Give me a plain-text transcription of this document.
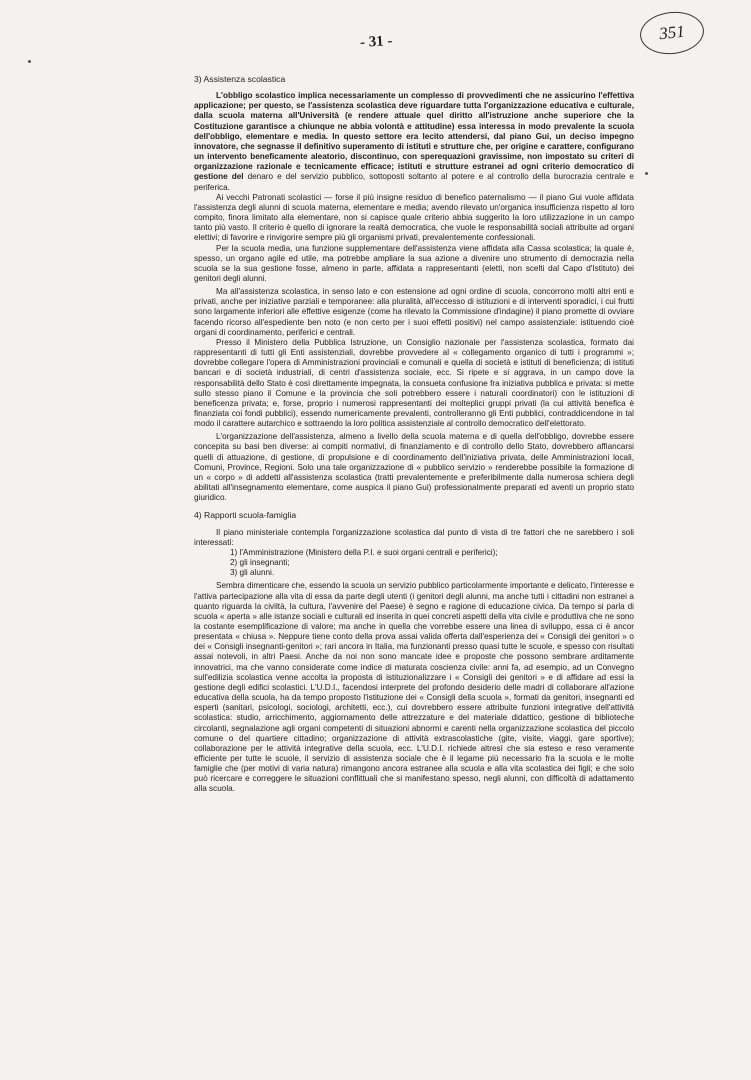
- 31 -	351
3) Assistenza scolastica

L'obbligo scolastico implica necessariamente un complesso di provvedimenti che ne assicurino l'effettiva applicazione; per questo, se l'assistenza scolastica deve riguardare tutta l'organizzazione educativa e culturale, dalla scuola materna all'Università (e rendere attuale quel diritto all'istruzione anche superiore che la Costituzione garantisce a chiunque ne abbia volontà e attitudine) essa interessa in modo prevalente la scuola dell'obbligo, elementare e media. In questo settore era lecito attendersi, dal piano Gui, un deciso impegno innovatore, che segnasse il definitivo superamento di istituti e strutture che, per origine e carattere, configurano un intervento beneficamente aleatorio, discontinuo, con sperequazioni gravissime, non impostato su criteri di organizzazione razionale e tecnicamente efficace; istituti e strutture estranei ad ogni criterio democratico di gestione del denaro e del servizio pubblico, sottoposti soltanto al potere e al controllo della burocrazia centrale e periferica.

Ai vecchi Patronati scolastici — forse il più insigne residuo di benefico paternalismo — il piano Gui vuole affidata l'assistenza degli alunni di scuola materna, elementare e media; avendo rilevato un'organica insufficienza rispetto al loro compito, finora limitato alla elementare, non si capisce quale criterio abbia suggerito la loro utilizzazione in un campo tanto più vasto. Il criterio è quello di ignorare la realtà democratica, che vuole le responsabilità sociali attribuite ad organi elettivi; di favorire e rinvigorire sempre più gli organismi privati, prevalentemente confessionali.

Per la scuola media, una funzione supplementare dell'assistenza viene affidata alla Cassa scolastica; la quale è, spesso, un organo agile ed utile, ma potrebbe ampliare la sua azione a divenire uno strumento di democrazia nella scuola se la sua gestione fosse, almeno in parte, affidata a rappresentanti (eletti, non scelti dal Capo d'Istituto) dei genitori degli alunni.

Ma all'assistenza scolastica, in senso lato e con estensione ad ogni ordine di scuola, concorrono molti altri enti e privati, anche per iniziative parziali e temporanee: alla pluralità, all'eccesso di istituzioni e di interventi sporadici, i cui frutti sono largamente inferiori alle effettive esigenze (come ha rilevato la Commissione d'indagine) il piano promette di ovviare facendo ricorso all'espediente ben noto (e non certo per i suoi effetti positivi) nel campo assistenziale: istituendo cioè organi di coordinamento, periferici e centrali.

Presso il Ministero della Pubblica Istruzione, un Consiglio nazionale per l'assistenza scolastica, formato dai rappresentanti di tutti gli Enti assistenziali, dovrebbe provvedere al « collegamento organico di tutti i programmi »; dovrebbe collegare l'opera di Amministrazioni provinciali e comunali e quella di società e istituti di beneficienza; di istituti bancari e di società industriali, di centri d'assistenza sociale, ecc. Si ripete e si aggrava, in un campo dove la responsabilità dello Stato è così direttamente impegnata, la consueta confusione fra iniziativa pubblica e privata: si mette sullo stesso piano il Comune e la provincia che soli potrebbero essere i naturali coordinatori) con le istituzioni di beneficenza privata; e, forse, proprio i numerosi rappresentanti dei molteplici gruppi privati (la cui attività benefica è finanziata coi fondi pubblici), essendo numericamente prevalenti, controlleranno gli Enti pubblici, contraddicendone in tal modo il carattere autarchico e sottraendo la loro politica assistenziale al controllo democratico dell'elettorato.

L'organizzazione dell'assistenza, almeno a livello della scuola materna e di quella dell'obbligo, dovrebbe essere concepita su basi ben diverse: ai compiti normativi, di finanziamento e di controllo dello Stato, dovrebbero affiancarsi quelli di attuazione, di gestione, di propulsione e di coordinamento dell'iniziativa privata, delle Amministrazioni locali, Comuni, Province, Regioni. Solo una tale organizzazione di « pubblico servizio » renderebbe possibile la formazione di un « corpo » di addetti all'assistenza scolastica (tratti prevalentemente e preferibilmente dalla numerosa schiera degli abilitati all'insegnamento elementare, come auspica il piano Gui) professionalmente preparati ed aventi un proprio stato giuridico.

4) Rapporti scuola-famiglia

Il piano ministeriale contempla l'organizzazione scolastica dal punto di vista di tre fattori che ne sarebbero i soli interessati:

1) l'Amministrazione (Ministero della P.I. e suoi organi centrali e periferici);
2) gli insegnanti;
3) gli alunni.

Sembra dimenticare che, essendo la scuola un servizio pubblico particolarmente importante e delicato, l'interesse e l'attiva partecipazione alla vita di essa da parte degli utenti (i genitori degli alunni, ma anche tutti i cittadini non estranei a quanto riguarda la civiltà, la cultura, l'avvenire del Paese) è segno e ragione di educazione civica. Da tempo si parla di scuola « aperta » alle istanze sociali e culturali ed inserita in quei concreti aspetti della vita civile e produttiva che ne sono la costante esemplificazione di valore; ma anche in quella che vorrebbe essere una linea di sviluppo, essa ci è ancor presentata « chiusa ». Neppure tiene conto della prova assai valida offerta dall'esperienza dei « Consigli dei genitori » o dei « Consigli insegnanti-genitori »; rari ancora in Italia, ma funzionanti presso quasi tutte le scuole, e spesso con risultati assai notevoli, in altri Paesi. Anche da noi non sono mancate idee e proposte che possono sembrare arditamente innovatrici, ma che vanno considerate come indice di maturata coscienza civile: anni fa, ad esempio, ad un Convegno sull'edilizia scolastica venne accolta la proposta di istituzionalizzare i « Consigli dei genitori » e di affidare ad essi la gestione degli edifici scolastici. L'U.D.I., facendosi interprete del profondo desiderio delle madri di collaborare all'azione educativa della scuola, ha da tempo proposto l'istituzione dei « Consigli della scuola », formati da genitori, insegnanti ed esperti (sanitari, psicologi, sociologi, architetti, ecc.), cui dovrebbero essere attribuite funzioni integrative dell'attività scolastica: studio, arricchimento, aggiornamento delle attrezzature e del materiale didattico, gestione di biblioteche circolanti, segnalazione agli organi competenti di situazioni abnormi e carenti nella organizzazione scolastica del piccolo comune o del quartiere cittadino; organizzazione di attività extrascolastiche (gite, visite, viaggi, gare sportive); collaborazione per le attività integrative della scuola, ecc. L'U.D.I. richiede altresì che sia esteso e reso veramente efficiente per tutte le scuole, il servizio di assistenza sociale che è il legame più necessario fra la scuola e le molte famiglie che (per motivi di varia natura) rimangono ancora estranee alla scuola e alla vita scolastica dei figli; e che solo può ricercare e correggere le situazioni conflittuali che si manifestano spesso, negli alunni, con difficoltà di adattamento alla scuola.
